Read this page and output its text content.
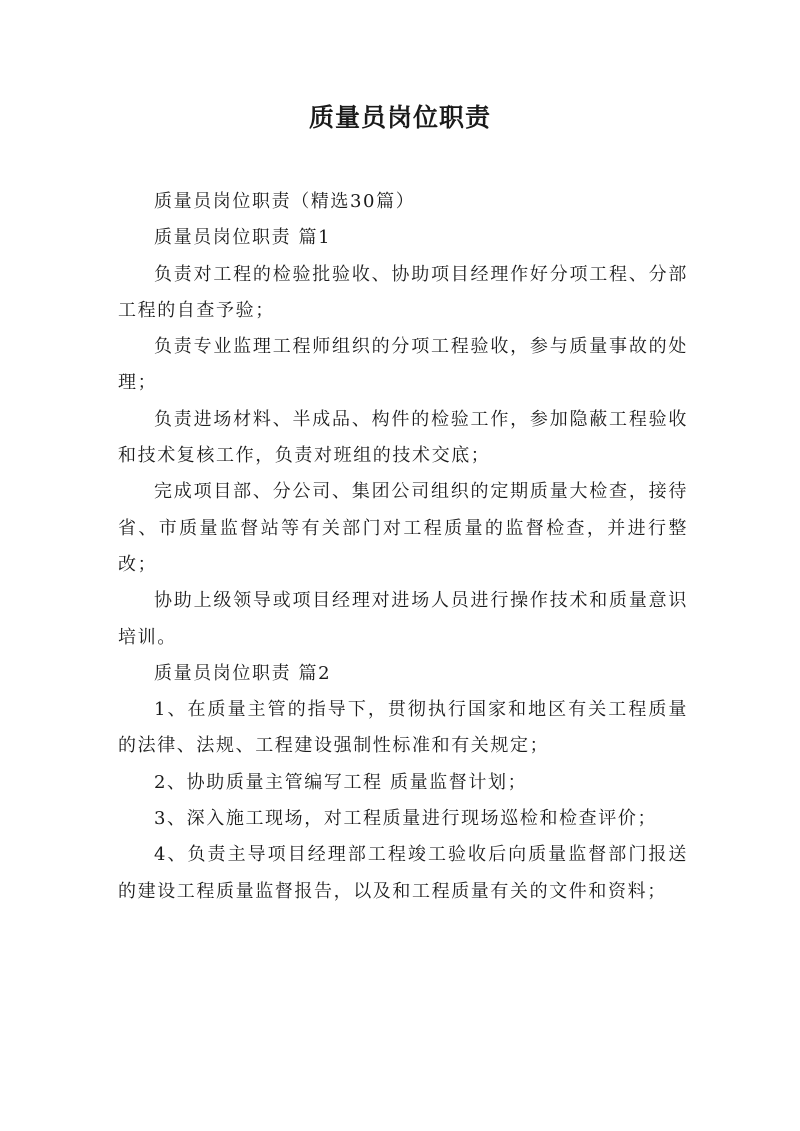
质量员岗位职责

质量员岗位职责（精选30篇）

质量员岗位职责 篇1

负责对工程的检验批验收、协助项目经理作好分项工程、分部工程的自查予验；

负责专业监理工程师组织的分项工程验收，参与质量事故的处理；

负责进场材料、半成品、构件的检验工作，参加隐蔽工程验收和技术复核工作，负责对班组的技术交底；

完成项目部、分公司、集团公司组织的定期质量大检查，接待省、市质量监督站等有关部门对工程质量的监督检查，并进行整改；

协助上级领导或项目经理对进场人员进行操作技术和质量意识培训。

质量员岗位职责 篇2

1、在质量主管的指导下，贯彻执行国家和地区有关工程质量的法律、法规、工程建设强制性标准和有关规定；

2、协助质量主管编写工程 质量监督计划；

3、深入施工现场，对工程质量进行现场巡检和检查评价；

4、负责主导项目经理部工程竣工验收后向质量监督部门报送的建设工程质量监督报告，以及和工程质量有关的文件和资料；
